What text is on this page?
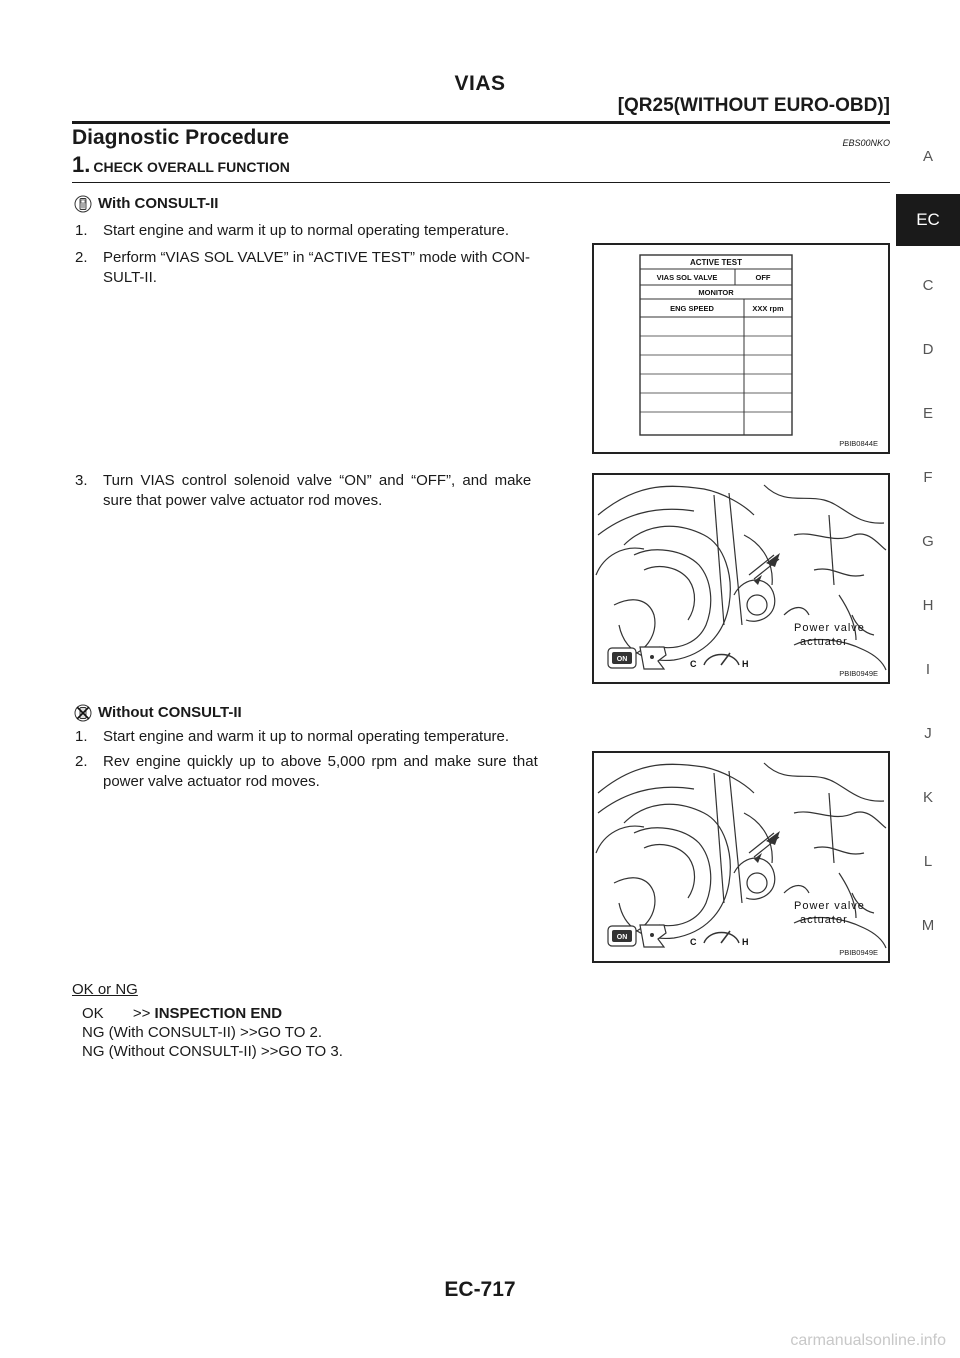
VIAS
[QR25(WITHOUT EURO-OBD)]
Diagnostic Procedure	EBS00NKO
1. CHECK OVERALL FUNCTION
With CONSULT-II
1. Start engine and warm it up to normal operating temperature.
2. Perform “VIAS SOL VALVE” in “ACTIVE TEST” mode with CON-
SULT-II.
3. Turn VIAS control solenoid valve “ON” and “OFF”, and make
sure that power valve actuator rod moves.
ACTIVE TEST
VIAS SOL VALVE	OFF
MONITOR
ENG SPEED	XXX rpm
PBIB0844E
Power valve
actuator
ON	C	H
PBIB0949E
Without CONSULT-II
1. Start engine and warm it up to normal operating temperature.
2. Rev engine quickly up to above 5,000 rpm and make sure that
power valve actuator rod moves.
Power valve
actuator
ON	C	H
PBIB0949E
OK or NG
OK       >> INSPECTION END
NG (With CONSULT-II) >>GO TO 2.
NG (Without CONSULT-II) >>GO TO 3.
A
EC
C
D
E
F
G
H
I
J
K
L
M
EC-717
carmanualsonline.info
